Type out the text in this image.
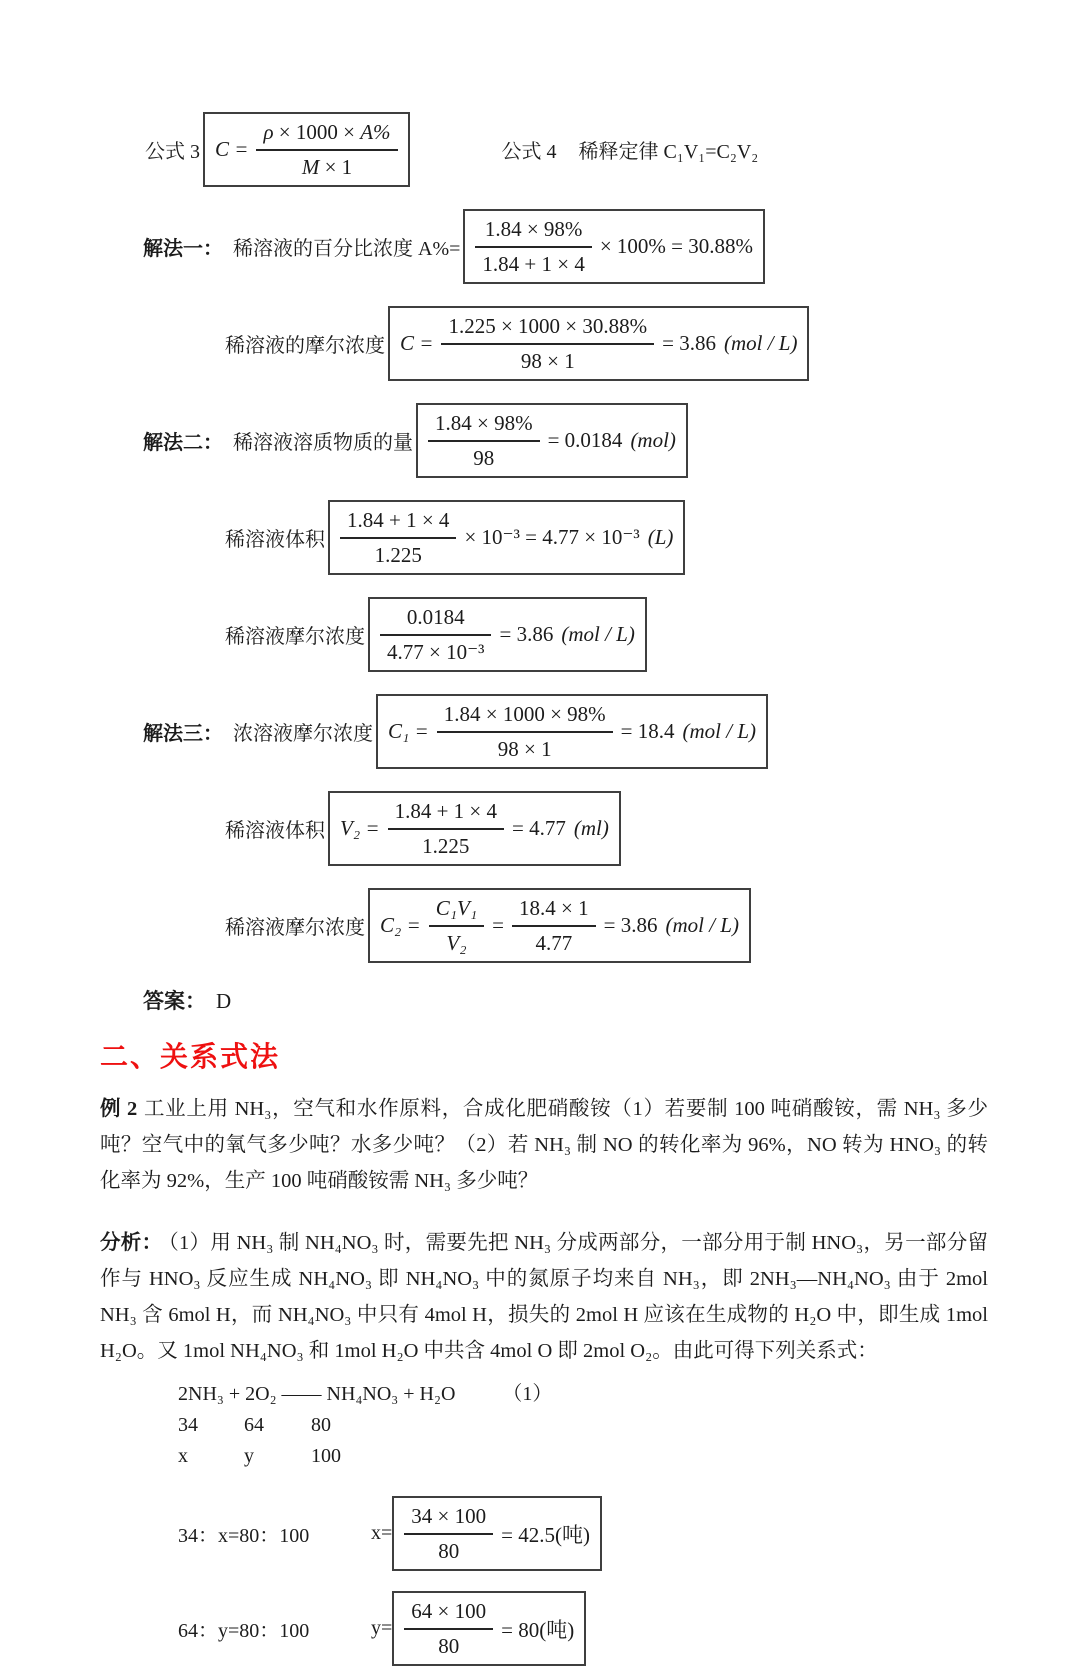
公式 3 $C = \frac{\rho \times 1000 \times A\%}{M \times 1}$	公式 4 稀释定律 C₁V₁=C₂V₂
解法一： 稀溶液的百分比浓度 $A\%= \frac{1.84 \times 98\%}{1.84 + 1 \times 4} \times 100\% = 30.88\%$
稀溶液的摩尔浓度 $C = \frac{1.225 \times 1000 \times 30.88\%}{98 \times 1} = 3.86$ (mol / L)
解法二： 稀溶液溶质物质的量 $\frac{1.84 \times 98\%}{98} = 0.0184$ (mol)
稀溶液体积 $\frac{1.84 + 1 \times 4}{1.225} \times 10^{-3} = 4.77 \times 10^{-3}$ (L)
稀溶液摩尔浓度 $\frac{0.0184}{\text{4.77 × 10⁻³}} = 3.86$ (mol / L)
解法三： 浓溶液摩尔浓度 $C_1 = \frac{1.84 \times 1000 \times 98\%}{98 \times 1} = 18.4$ (mol / L)
稀溶液体积 $V_2 = \frac{1.84 + 1 \times 4}{1.225} = 4.77$ (ml)
稀溶液摩尔浓度 $C_2 = \frac{\text{C₁V₁}}{\text{V₂}} = \frac{18.4 \times 1}{4.77} = 3.86$ (mol / L)
答案： D
二、关系式法
例 2 工业上用 NH₃，空气和水作原料，合成化肥硝酸铵（1）若要制 100 吨硝酸铵，需 NH₃ 多少吨？空气中的氧气多少吨？水多少吨？（2）若 NH₃ 制 NO 的转化率为 96%，NO 转为 HNO₃ 的转化率为 92%，生产 100 吨硝酸铵需 NH₃ 多少吨？
分析： （1）用 NH₃ 制 NH₄NO₃ 时，需要先把 NH₃ 分成两部分，一部分用于制 HNO₃，另一部分留作与 HNO₃ 反应生成 NH₄NO₃ 即 NH₄NO₃ 中的氮原子均来自 NH₃，即 2NH₃—NH₄NO₃ 由于 2mol NH₃ 含 6mol H，而 NH₄NO₃ 中只有 4mol H，损失的 2mol H 应该在生成物的 H₂O 中，即生成 1mol H₂O。又 1mol NH₄NO₃ 和 1mol H₂O 中共含 4mol O 即 2mol O₂。由此可得下列关系式：
2NH₃ + 2O₂ —— NH₄NO₃ + H₂O （1）
34 64 80
x	y	100
34：x=80：100	$x= \frac{34 \times 100}{80} = 42.5$(吨)
64：y=80：100	$y= \frac{64 \times 100}{80} = 80$(吨)
